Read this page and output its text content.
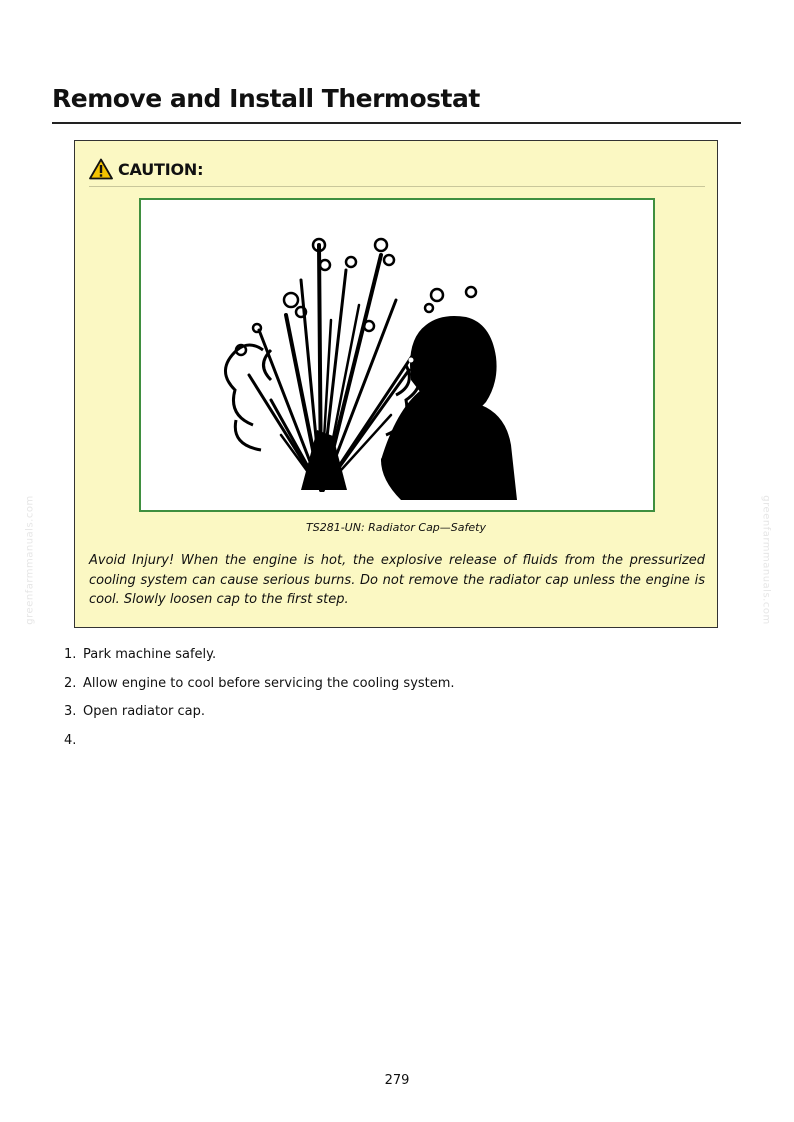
Remove and Install Thermostat
CAUTION:
TS281-UN: Radiator Cap—Safety

Avoid Injury! When the engine is hot, the explosive release of fluids from the pressurized cooling system can cause serious burns. Do not remove the radiator cap unless the engine is cool. Slowly loosen cap to the first step.

1. Park machine safely.
2. Allow engine to cool before servicing the cooling system.
3. Open radiator cap.
4.
greenfarmmanuals.com	greenfarmmanuals.com
279
